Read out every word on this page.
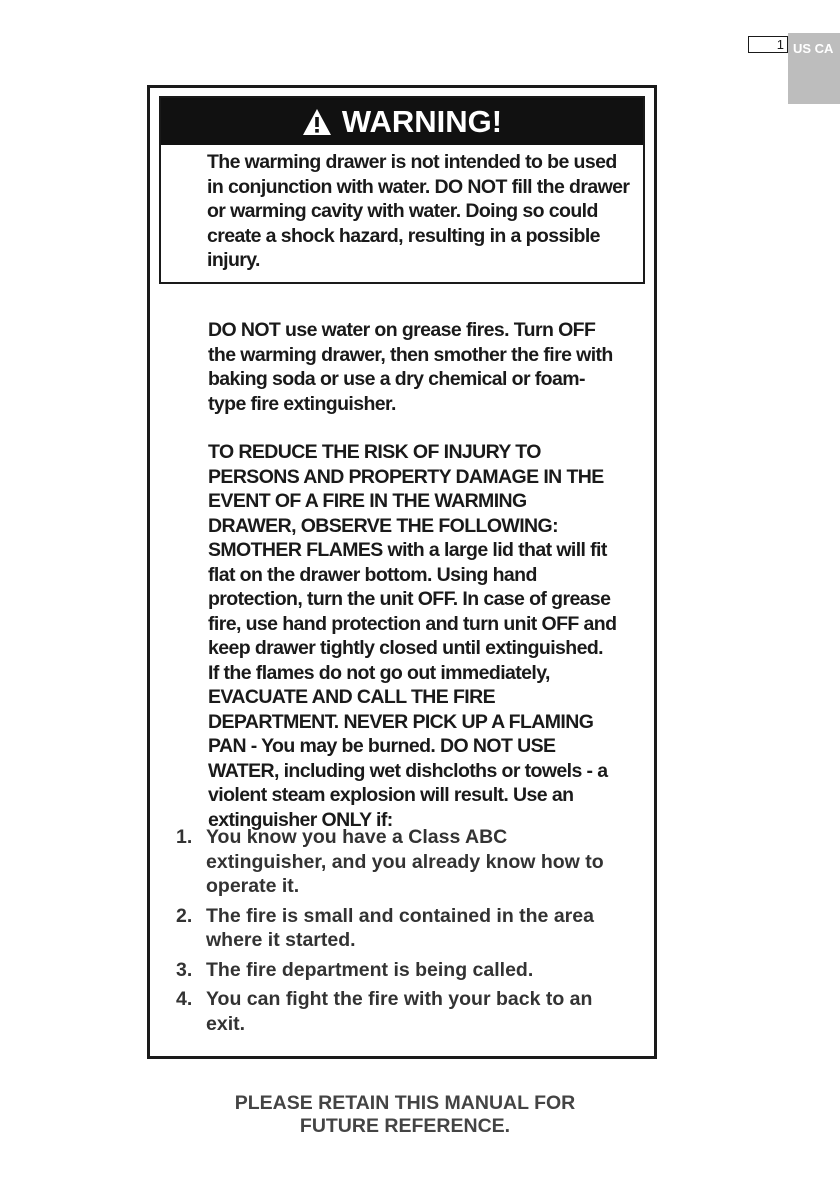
1 US CA
WARNING!
The warming drawer is not intended to be used in conjunction with water. DO NOT fill the drawer or warming cavity with water. Doing so could create a shock hazard, resulting in a possible injury.
DO NOT use water on grease fires. Turn OFF the warming drawer, then smother the fire with baking soda or use a dry chemical or foam-type fire extinguisher.
TO REDUCE THE RISK OF INJURY TO PERSONS AND PROPERTY DAMAGE IN THE EVENT OF A FIRE IN THE WARMING DRAWER, OBSERVE THE FOLLOWING: SMOTHER FLAMES with a large lid that will fit flat on the drawer bottom. Using hand protection, turn the unit OFF. In case of grease fire, use hand protection and turn unit OFF and keep drawer tightly closed until extinguished. If the flames do not go out immediately, EVACUATE AND CALL THE FIRE DEPARTMENT. NEVER PICK UP A FLAMING PAN - You may be burned. DO NOT USE WATER, including wet dishcloths or towels - a violent steam explosion will result. Use an extinguisher ONLY if:
1. You know you have a Class ABC extinguisher, and you already know how to operate it.
2. The fire is small and contained in the area where it started.
3. The fire department is being called.
4. You can fight the fire with your back to an exit.
PLEASE RETAIN THIS MANUAL FOR
FUTURE REFERENCE.
